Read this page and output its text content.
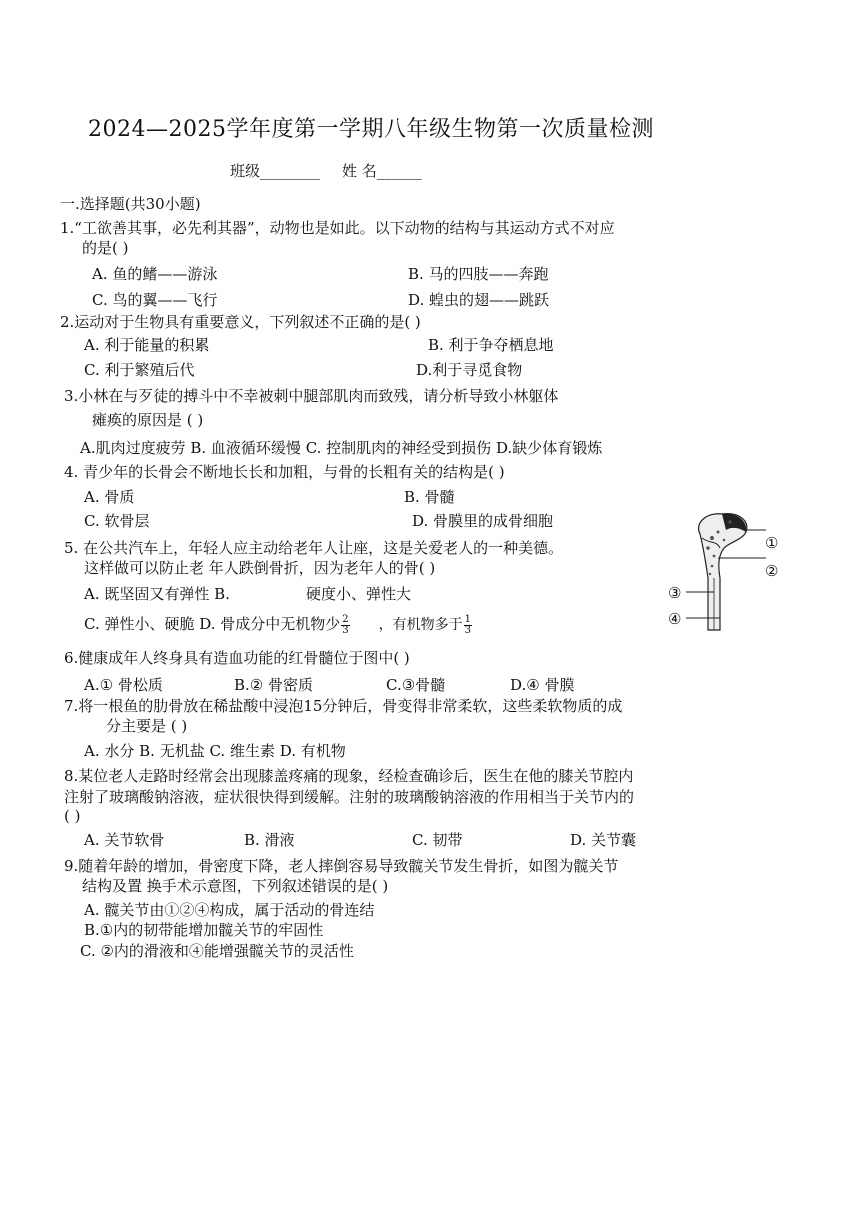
2024—2025学年度第一学期八年级生物第一次质量检测
班级________ 姓 名______
一.选择题(共30小题)
1.“工欲善其事，必先利其器”，动物也是如此。以下动物的结构与其运动方式不对应
的是( )
A. 鱼的鳍——游泳	B. 马的四肢——奔跑
C. 鸟的翼——飞行	D. 蝗虫的翅——跳跃
2.运动对于生物具有重要意义，下列叙述不正确的是( )
A. 利于能量的积累	B. 利于争夺栖息地
C. 利于繁殖后代	D.利于寻觅食物
3.小林在与歹徒的搏斗中不幸被刺中腿部肌肉而致残，请分析导致小林躯体
瘫痪的原因是 ( )
A.肌肉过度疲劳 B. 血液循环缓慢 C. 控制肌肉的神经受到损伤 D.缺少体育锻炼
4. 青少年的长骨会不断地长长和加粗，与骨的长粗有关的结构是( )
A. 骨质	B. 骨髓
C. 软骨层	D. 骨膜里的成骨细胞
5. 在公共汽车上，年轻人应主动给老年人让座，这是关爱老人的一种美德。
这样做可以防止老 年人跌倒骨折，因为老年人的骨( )
A. 既坚固又有弹性 B.	硬度小、弹性大
C. 弹性小、硬脆 D. 骨成分中无机物少 $\frac{2}{3}$ ，有机物多于 $\frac{1}{3}$
①
②
③
④
6.健康成年人终身具有造血功能的红骨髓位于图中( )
A.① 骨松质	B.② 骨密质	C.③骨髓	D.④ 骨膜
7.将一根鱼的肋骨放在稀盐酸中浸泡15分钟后，骨变得非常柔软，这些柔软物质的成
分主要是 ( )
A. 水分 B. 无机盐 C. 维生素 D. 有机物
8.某位老人走路时经常会出现膝盖疼痛的现象，经检查确诊后，医生在他的膝关节腔内
注射了玻璃酸钠溶液，症状很快得到缓解。注射的玻璃酸钠溶液的作用相当于关节内的
( )
A. 关节软骨	B. 滑液	C. 韧带	D. 关节囊
9.随着年龄的增加，骨密度下降，老人摔倒容易导致髋关节发生骨折，如图为髋关节
结构及置 换手术示意图，下列叙述错误的是( )
A. 髋关节由①②④构成，属于活动的骨连结
B.①内的韧带能增加髋关节的牢固性
C. ②内的滑液和④能增强髋关节的灵活性
